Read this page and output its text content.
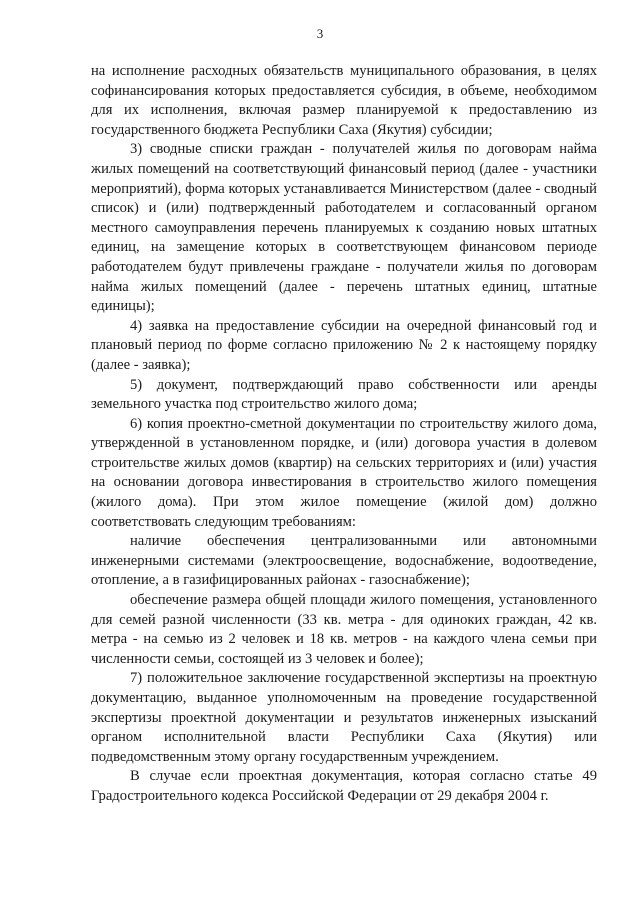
3

на исполнение расходных обязательств муниципального образования, в целях софинансирования которых предоставляется субсидия, в объеме, необходимом для их исполнения, включая размер планируемой к предоставлению из государственного бюджета Республики Саха (Якутия) субсидии;

3) сводные списки граждан - получателей жилья по договорам найма жилых помещений на соответствующий финансовый период (далее - участники мероприятий), форма которых устанавливается Министерством (далее - сводный список) и (или) подтвержденный работодателем и согласованный органом местного самоуправления перечень планируемых к созданию новых штатных единиц, на замещение которых в соответствующем финансовом периоде работодателем будут привлечены граждане - получатели жилья по договорам найма жилых помещений (далее - перечень штатных единиц, штатные единицы);

4) заявка на предоставление субсидии на очередной финансовый год и плановый период по форме согласно приложению № 2 к настоящему порядку (далее - заявка);

5) документ, подтверждающий право собственности или аренды земельного участка под строительство жилого дома;

6) копия проектно-сметной документации по строительству жилого дома, утвержденной в установленном порядке, и (или) договора участия в долевом строительстве жилых домов (квартир) на сельских территориях и (или) участия на основании договора инвестирования в строительство жилого помещения (жилого дома). При этом жилое помещение (жилой дом) должно соответствовать следующим требованиям:

наличие обеспечения централизованными или автономными инженерными системами (электроосвещение, водоснабжение, водоотведение, отопление, а в газифицированных районах - газоснабжение);

обеспечение размера общей площади жилого помещения, установленного для семей разной численности (33 кв. метра - для одиноких граждан, 42 кв. метра - на семью из 2 человек и 18 кв. метров - на каждого члена семьи при численности семьи, состоящей из 3 человек и более);

7) положительное заключение государственной экспертизы на проектную документацию, выданное уполномоченным на проведение государственной экспертизы проектной документации и результатов инженерных изысканий органом исполнительной власти Республики Саха (Якутия) или подведомственным этому органу государственным учреждением.

В случае если проектная документация, которая согласно статье 49 Градостроительного кодекса Российской Федерации от 29 декабря 2004 г.
